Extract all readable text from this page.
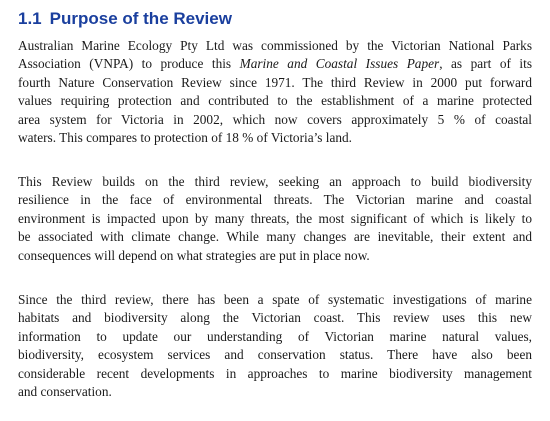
1.1 Purpose of the Review
Australian Marine Ecology Pty Ltd was commissioned by the Victorian National Parks
Association (VNPA) to produce this Marine and Coastal Issues Paper, as part of its
fourth Nature Conservation Review since 1971. The third Review in 2000 put forward
values requiring protection and contributed to the establishment of a marine protected
area system for Victoria in 2002, which now covers approximately 5 % of coastal
waters. This compares to protection of 18 % of Victoria’s land.
This Review builds on the third review, seeking an approach to build biodiversity
resilience in the face of environmental threats. The Victorian marine and coastal
environment is impacted upon by many threats, the most significant of which is likely to
be associated with climate change. While many changes are inevitable, their extent and
consequences will depend on what strategies are put in place now.
Since the third review, there has been a spate of systematic investigations of marine
habitats and biodiversity along the Victorian coast. This review uses this new
information to update our understanding of Victorian marine natural values,
biodiversity, ecosystem services and conservation status. There have also been
considerable recent developments in approaches to marine biodiversity management
and conservation.
